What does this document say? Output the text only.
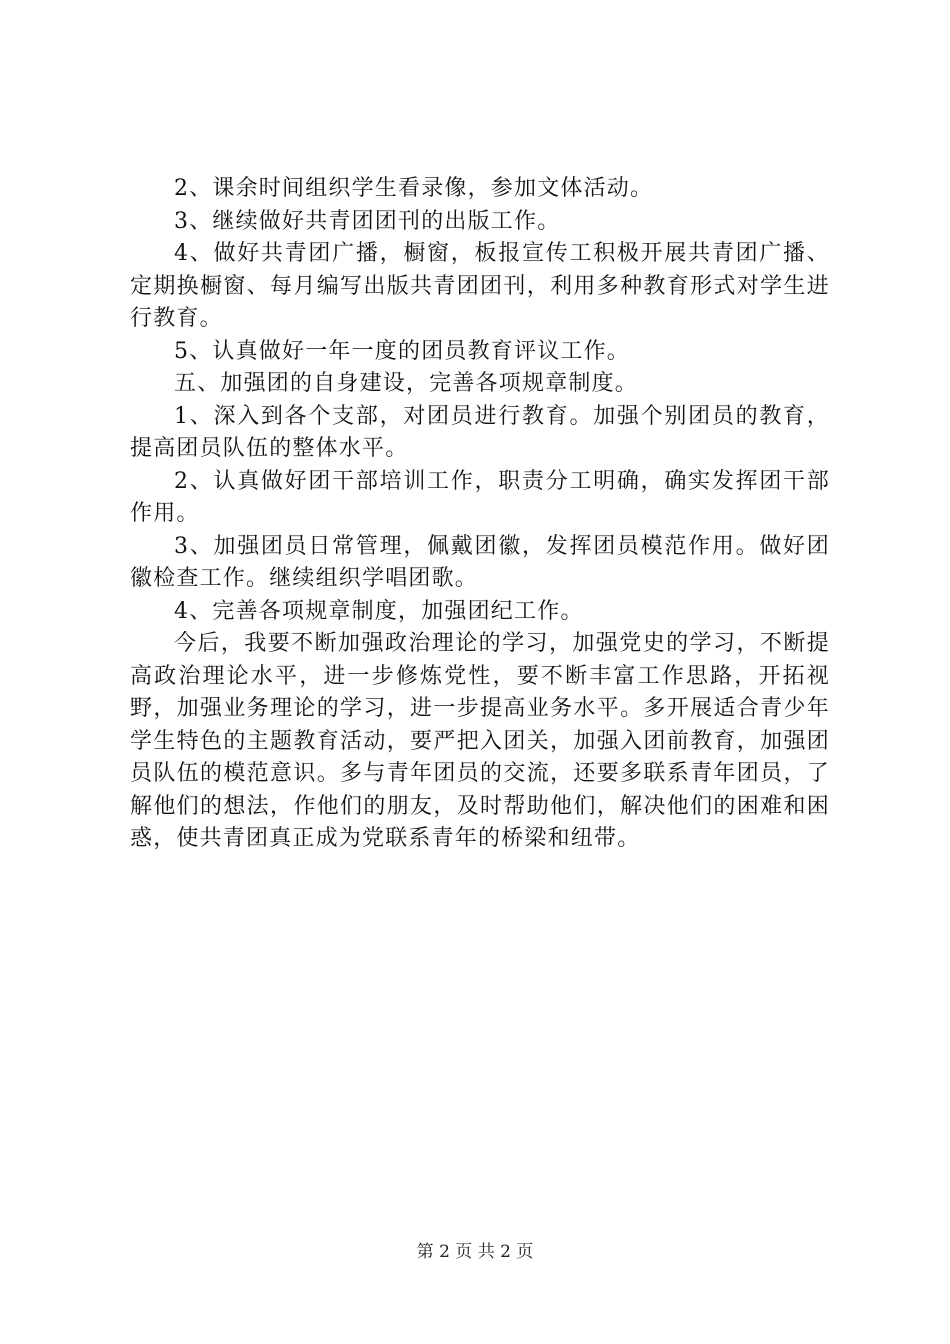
2、课余时间组织学生看录像，参加文体活动。

3、继续做好共青团团刊的出版工作。

4、做好共青团广播，橱窗，板报宣传工积极开展共青团广播、定期换橱窗、每月编写出版共青团团刊，利用多种教育形式对学生进行教育。

5、认真做好一年一度的团员教育评议工作。

五、加强团的自身建设，完善各项规章制度。

1、深入到各个支部，对团员进行教育。加强个别团员的教育，提高团员队伍的整体水平。

2、认真做好团干部培训工作，职责分工明确，确实发挥团干部作用。

3、加强团员日常管理，佩戴团徽，发挥团员模范作用。做好团徽检查工作。继续组织学唱团歌。

4、完善各项规章制度，加强团纪工作。

今后，我要不断加强政治理论的学习，加强党史的学习，不断提高政治理论水平，进一步修炼党性，要不断丰富工作思路，开拓视野，加强业务理论的学习，进一步提高业务水平。多开展适合青少年学生特色的主题教育活动，要严把入团关，加强入团前教育，加强团员队伍的模范意识。多与青年团员的交流，还要多联系青年团员，了解他们的想法，作他们的朋友，及时帮助他们，解决他们的困难和困惑，使共青团真正成为党联系青年的桥梁和纽带。

第 2 页 共 2 页
